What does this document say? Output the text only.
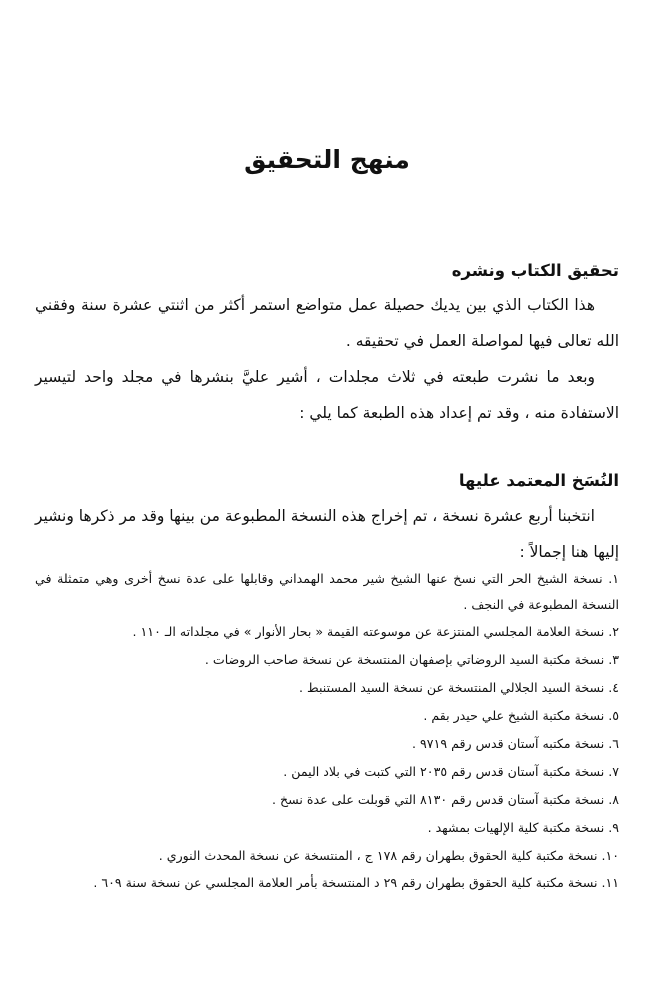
منهج التحقيق
تحقيق الكتاب ونشره
هذا الكتاب الذي بين يديك حصيلة عمل متواضع استمر أكثر من اثنتي عشرة سنة وفقني الله تعالى فيها لمواصلة العمل في تحقيقه .
وبعد ما نشرت طبعته في ثلاث مجلدات ، أشير عليَّ بنشرها في مجلد واحد لتيسير الاستفادة منه ، وقد تم إعداد هذه الطبعة كما يلي :
النُسَخ المعتمد عليها
انتخبنا أربع عشرة نسخة ، تم إخراج هذه النسخة المطبوعة من بينها وقد مر ذكرها ونشير إليها هنا إجمالاً :
١. نسخة الشيخ الحر التي نسخ عنها الشيخ شير محمد الهمداني وقابلها على عدة نسخ أخرى وهي متمثلة في النسخة المطبوعة في النجف .
٢. نسخة العلامة المجلسي المنتزعة عن موسوعته القيمة « بحار الأنوار » في مجلداته الـ ١١٠ .
٣. نسخة مكتبة السيد الروضاتي بإصفهان المنتسخة عن نسخة صاحب الروضات .
٤. نسخة السيد الجلالي المنتسخة عن نسخة السيد المستنبط .
٥. نسخة مكتبة الشيخ علي حيدر بقم .
٦. نسخة مكتبه آستان قدس رقم ٩٧١٩ .
٧. نسخة مكتبة آستان قدس رقم ٢٠٣٥ التي كتبت في بلاد اليمن .
٨. نسخة مكتبة آستان قدس رقم ٨١٣٠ التي قوبلت على عدة نسخ .
٩. نسخة مكتبة كلية الإلهيات بمشهد .
١٠. نسخة مكتبة كلية الحقوق بطهران رقم ١٧٨ ج ، المنتسخة عن نسخة المحدث النوري .
١١. نسخة مكتبة كلية الحقوق بطهران رقم ٢٩ د المنتسخة بأمر العلامة المجلسي عن نسخة سنة ٦٠٩ .
